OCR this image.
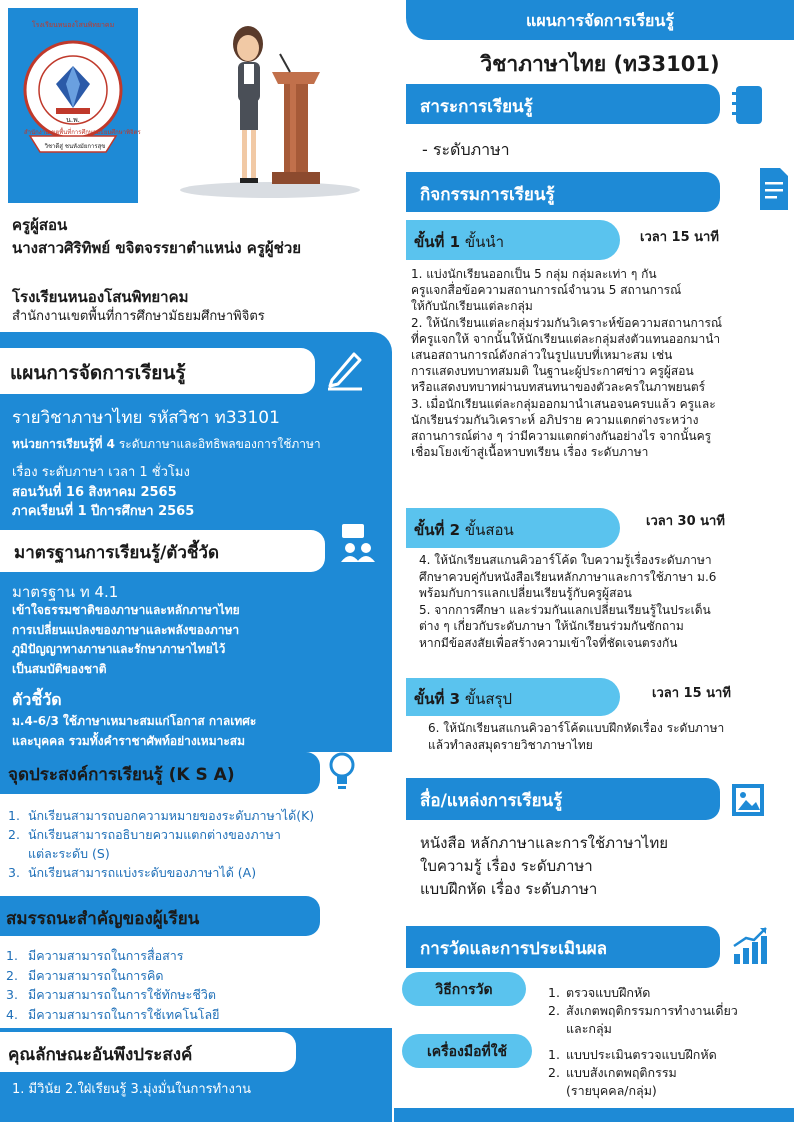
โรงเรียนหนองโสนพิทยาคม
น.พ.
สำนักงานเขตพื้นที่การศึกษามัธยมศึกษาพิจิตร
วิชาดีสู่ ชนหังมัยการสุข
ครูผู้สอน
นางสาวศิริทิพย์ ขจิตจรรยาตำแหน่ง ครูผู้ช่วย
โรงเรียนหนองโสนพิทยาคม
สำนักงานเขตพื้นที่การศึกษามัธยมศึกษาพิจิตร
แผนการจัดการเรียนรู้
รายวิชาภาษาไทย รหัสวิชา ท33101
หน่วยการเรียนรู้ที่ 4 ระดับภาษาและอิทธิพลของการใช้ภาษา
เรื่อง ระดับภาษา เวลา 1 ชั่วโมง
สอนวันที่ 16 สิงหาคม 2565
ภาคเรียนที่ 1 ปีการศึกษา 2565
มาตรฐานการเรียนรู้/ตัวชี้วัด
มาตรฐาน ท 4.1
เข้าใจธรรมชาติของภาษาและหลักภาษาไทย
การเปลี่ยนแปลงของภาษาและพลังของภาษา
ภูมิปัญญาทางภาษาและรักษาภาษาไทยไว้
เป็นสมบัติของชาติ
ตัวชี้วัด
ม.4-6/3 ใช้ภาษาเหมาะสมแก่โอกาส กาลเทศะ
และบุคคล รวมทั้งคำราชาศัพท์อย่างเหมาะสม
จุดประสงค์การเรียนรู้ (K S A)
1. นักเรียนสามารถบอกความหมายของระดับภาษาได้(K)
2. นักเรียนสามารถอธิบายความแตกต่างของภาษา
แต่ละระดับ (S)
3. นักเรียนสามารถแบ่งระดับของภาษาได้ (A)
สมรรถนะสำคัญของผู้เรียน
1. มีความสามารถในการสื่อสาร
2. มีความสามารถในการคิด
3. มีความสามารถในการใช้ทักษะชีวิต
4. มีความสามารถในการใช้เทคโนโลยี
คุณลักษณะอันพึงประสงค์
1. มีวินัย 2.ใฝ่เรียนรู้ 3.มุ่งมั่นในการทำงาน
แผนการจัดการเรียนรู้
วิชาภาษาไทย (ท33101)
สาระการเรียนรู้
- ระดับภาษา
กิจกรรมการเรียนรู้
ขั้นที่ 1 ขั้นนำ	เวลา 15 นาที
1. แบ่งนักเรียนออกเป็น 5 กลุ่ม กลุ่มละเท่า ๆ กัน
ครูแจกสื่อข้อความสถานการณ์จำนวน 5 สถานการณ์
ให้กับนักเรียนแต่ละกลุ่ม
2. ให้นักเรียนแต่ละกลุ่มร่วมกันวิเคราะห์ข้อความสถานการณ์
ที่ครูแจกให้ จากนั้นให้นักเรียนแต่ละกลุ่มส่งตัวแทนออกมานำ
เสนอสถานการณ์ดังกล่าวในรูปแบบที่เหมาะสม เช่น
การแสดงบทบาทสมมติ ในฐานะผู้ประกาศข่าว ครูผู้สอน
หรือแสดงบทบาทผ่านบทสนทนาของตัวละครในภาพยนตร์
3. เมื่อนักเรียนแต่ละกลุ่มออกมานำเสนอจนครบแล้ว ครูและ
นักเรียนร่วมกันวิเคราะห์ อภิปราย ความแตกต่างระหว่าง
สถานการณ์ต่าง ๆ ว่ามีความแตกต่างกันอย่างไร จากนั้นครู
เชื่อมโยงเข้าสู่เนื้อหาบทเรียน เรื่อง ระดับภาษา
ขั้นที่ 2 ขั้นสอน	เวลา 30 นาที
4. ให้นักเรียนสแกนคิวอาร์โค้ด ใบความรู้เรื่องระดับภาษา
ศึกษาควบคู่กับหนังสือเรียนหลักภาษาและการใช้ภาษา ม.6
พร้อมกับการแลกเปลี่ยนเรียนรู้กับครูผู้สอน
5. จากการศึกษา และร่วมกันแลกเปลี่ยนเรียนรู้ในประเด็น
ต่าง ๆ เกี่ยวกับระดับภาษา ให้นักเรียนร่วมกันซักถาม
หากมีข้อสงสัยเพื่อสร้างความเข้าใจที่ชัดเจนตรงกัน
ขั้นที่ 3 ขั้นสรุป	เวลา 15 นาที
6. ให้นักเรียนสแกนคิวอาร์โค้ดแบบฝึกหัดเรื่อง ระดับภาษา
แล้วทำลงสมุดรายวิชาภาษาไทย
สื่อ/แหล่งการเรียนรู้
หนังสือ หลักภาษาและการใช้ภาษาไทย
ใบความรู้ เรื่อง ระดับภาษา
แบบฝึกหัด เรื่อง ระดับภาษา
การวัดและการประเมินผล
วิธีการวัด	1. ตรวจแบบฝึกหัด
2. สังเกตพฤติกรรมการทำงานเดี่ยว
และกลุ่ม
เครื่องมือที่ใช้	1. แบบประเมินตรวจแบบฝึกหัด
2. แบบสังเกตพฤติกรรม
(รายบุคคล/กลุ่ม)
